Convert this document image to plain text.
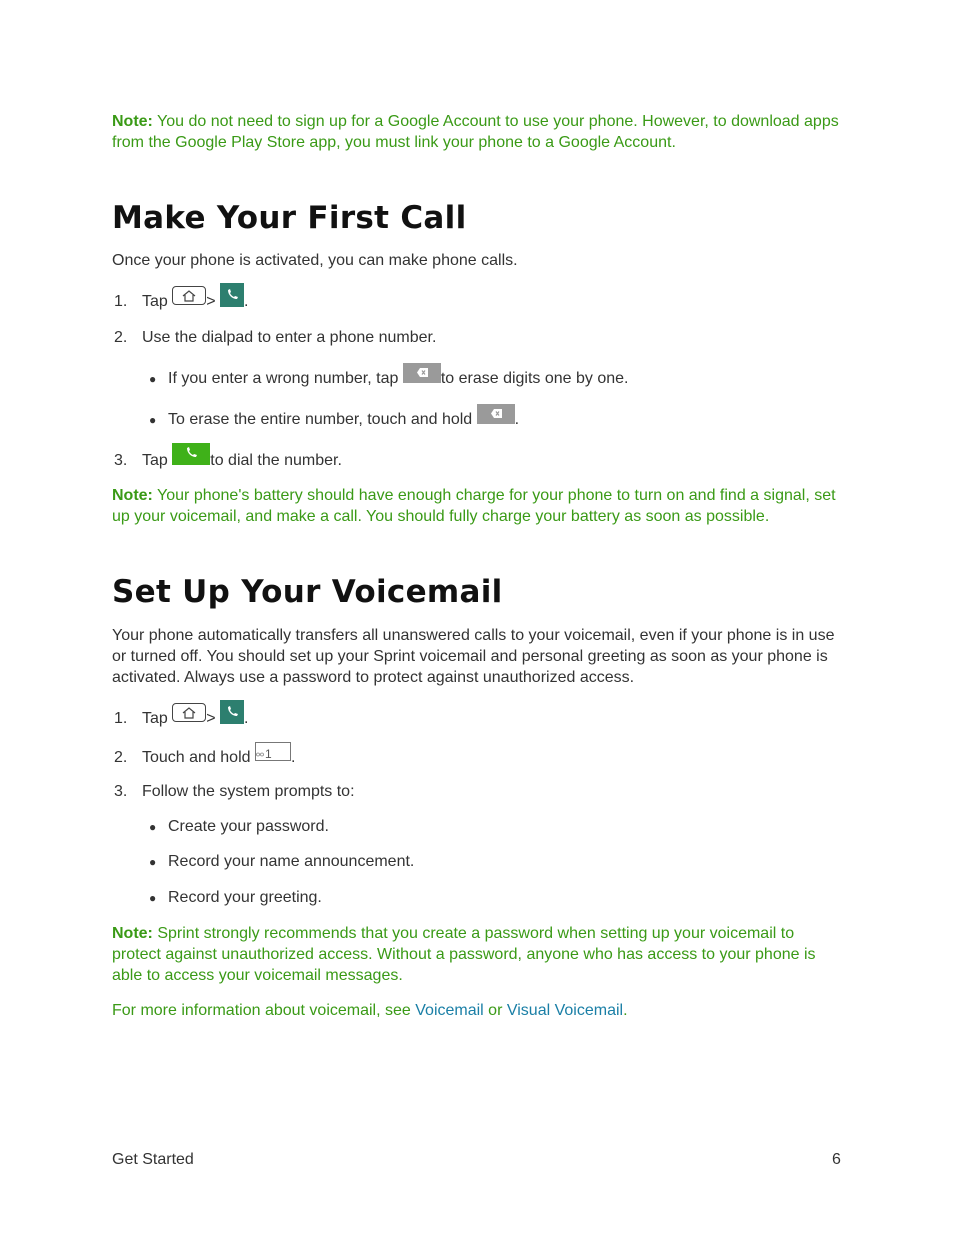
Note: You do not need to sign up for a Google Account to use your phone. However, to download apps from the Google Play Store app, you must link your phone to a Google Account.
Make Your First Call
Once your phone is activated, you can make phone calls.
1. Tap > .
2. Use the dialpad to enter a phone number.
● If you enter a wrong number, tap	to erase digits one by one.
● To erase the entire number, touch and hold	.
3. Tap	to dial the number.
Note: Your phone's battery should have enough charge for your phone to turn on and find a signal, set up your voicemail, and make a call. You should fully charge your battery as soon as possible.
Set Up Your Voicemail
Your phone automatically transfers all unanswered calls to your voicemail, even if your phone is in use or turned off. You should set up your Sprint voicemail and personal greeting as soon as your phone is activated. Always use a password to protect against unauthorized access.
1. Tap > .
2. Touch and hold 1 .
3. Follow the system prompts to:
● Create your password.
● Record your name announcement.
● Record your greeting.
Note: Sprint strongly recommends that you create a password when setting up your voicemail to protect against unauthorized access. Without a password, anyone who has access to your phone is able to access your voicemail messages.
For more information about voicemail, see Voicemail or Visual Voicemail.
Get Started	6
